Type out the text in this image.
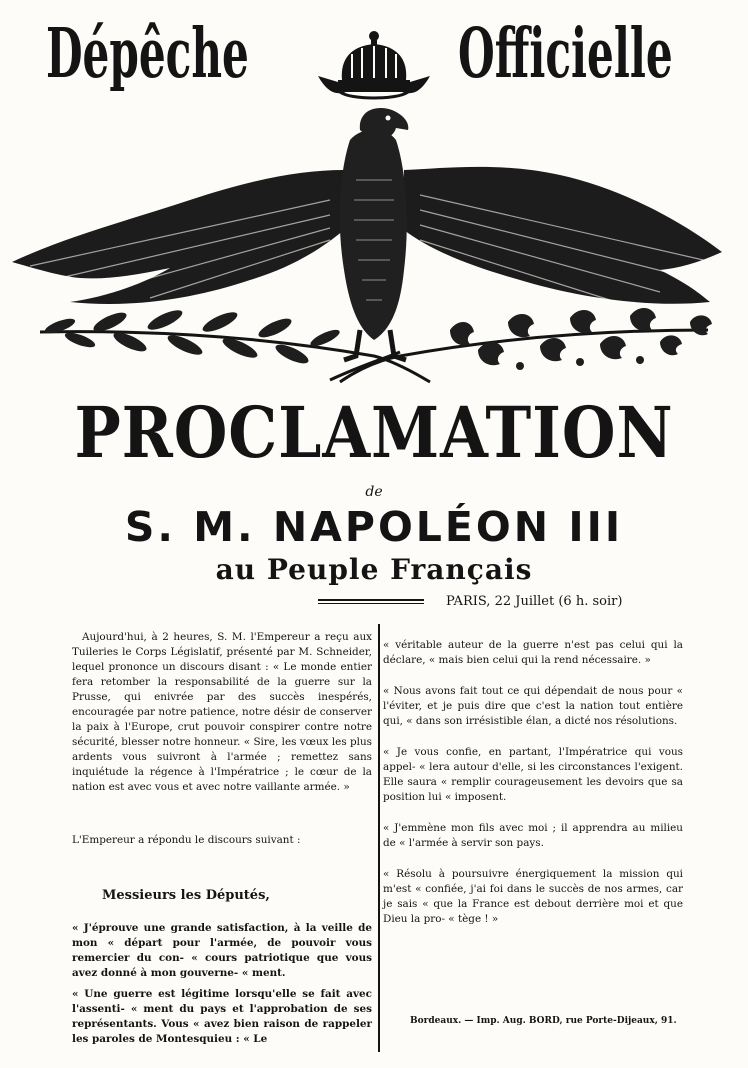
Dépêche	Officielle
PROCLAMATION
de
S. M. NAPOLÉON III
au Peuple Français
PARIS, 22 Juillet (6 h. soir)

Aujourd'hui, à 2 heures, S. M. l'Empereur a reçu aux Tuileries le Corps Législatif, présenté par M. Schneider, lequel prononce un discours disant : « Le monde entier fera retomber la responsabilité de la guerre sur la Prusse, qui enivrée par des succès inespérés, encouragée par notre patience, notre désir de conserver la paix à l'Europe, crut pouvoir conspirer contre notre sécurité, blesser notre honneur. « Sire, les vœux les plus ardents vous suivront à l'armée ; remettez sans inquiétude la régence à l'Impératrice ; le cœur de la nation est avec vous et avec notre vaillante armée. »

L'Empereur a répondu le discours suivant :

Messieurs les Députés,

« J'éprouve une grande satisfaction, à la veille de mon « départ pour l'armée, de pouvoir vous remercier du con- « cours patriotique que vous avez donné à mon gouverne- « ment.

« Une guerre est légitime lorsqu'elle se fait avec l'assenti- « ment du pays et l'approbation de ses représentants. Vous « avez bien raison de rappeler les paroles de Montesquieu : « Le

« véritable auteur de la guerre n'est pas celui qui la déclare, « mais bien celui qui la rend nécessaire. »

« Nous avons fait tout ce qui dépendait de nous pour « l'éviter, et je puis dire que c'est la nation tout entière qui, « dans son irrésistible élan, a dicté nos résolutions.

« Je vous confie, en partant, l'Impératrice qui vous appel- « lera autour d'elle, si les circonstances l'exigent. Elle saura « remplir courageusement les devoirs que sa position lui « imposent.

« J'emmène mon fils avec moi ; il apprendra au milieu de « l'armée à servir son pays.

« Résolu à poursuivre énergiquement la mission qui m'est « confiée, j'ai foi dans le succès de nos armes, car je sais « que la France est debout derrière moi et que Dieu la pro- « tège ! »

Bordeaux. — Imp. Aug. BORD, rue Porte-Dijeaux, 91.
